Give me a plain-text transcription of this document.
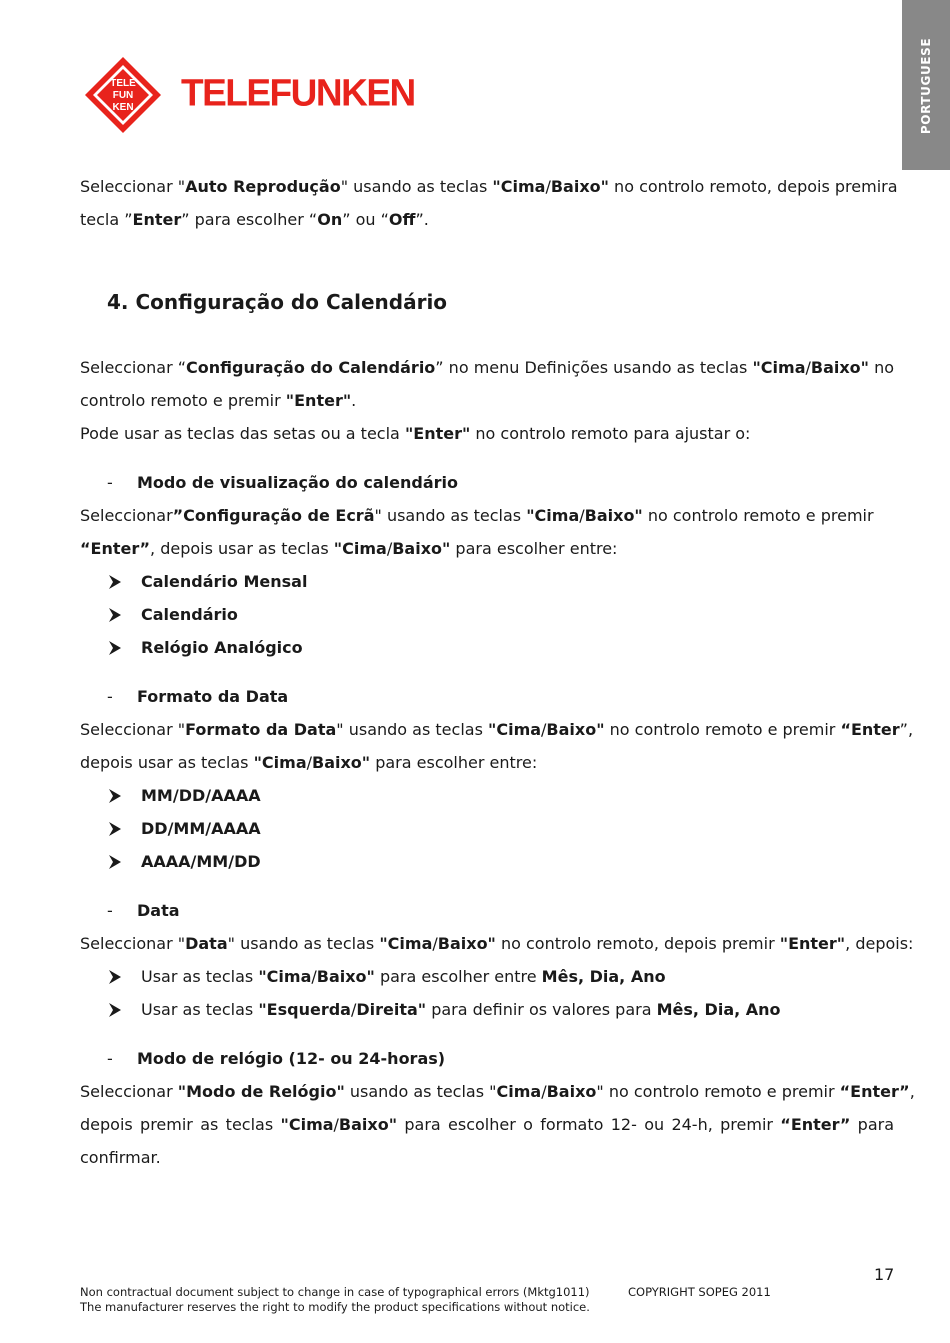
PORTUGUESE
TELE
FUN
KEN
®
TELEFUNKEN
Seleccionar "Auto Reprodução" usando as teclas "Cima/Baixo" no controlo remoto, depois premira
tecla ”Enter” para escolher “On” ou “Off”.
4. Configuração do Calendário
Seleccionar “Configuração do Calendário” no menu Definições usando as teclas "Cima/Baixo" no
controlo remoto e premir "Enter".
Pode usar as teclas das setas ou a tecla "Enter" no controlo remoto para ajustar o:
- Modo de visualização do calendário
Seleccionar”Configuração de Ecrã" usando as teclas "Cima/Baixo" no controlo remoto e premir
“Enter”, depois usar as teclas "Cima/Baixo" para escolher entre:
Calendário Mensal
Calendário
Relógio Analógico
- Formato da Data
Seleccionar "Formato da Data" usando as teclas "Cima/Baixo" no controlo remoto e premir “Enter”,
depois usar as teclas "Cima/Baixo" para escolher entre:
MM/DD/AAAA
DD/MM/AAAA
AAAA/MM/DD
- Data
Seleccionar "Data" usando as teclas "Cima/Baixo" no controlo remoto, depois premir "Enter", depois:
Usar as teclas "Cima/Baixo" para escolher entre Mês, Dia, Ano
Usar as teclas "Esquerda/Direita" para definir os valores para Mês, Dia, Ano
- Modo de relógio (12- ou 24-horas)
Seleccionar "Modo de Relógio" usando as teclas "Cima/Baixo" no controlo remoto e premir “Enter”,
depois premir as teclas "Cima/Baixo" para escolher o formato 12- ou 24-h, premir “Enter” para
confirmar.
17
Non contractual document subject to change in case of typographical errors (Mktg1011)	COPYRIGHT SOPEG 2011
The manufacturer reserves the right to modify the product specifications without notice.
